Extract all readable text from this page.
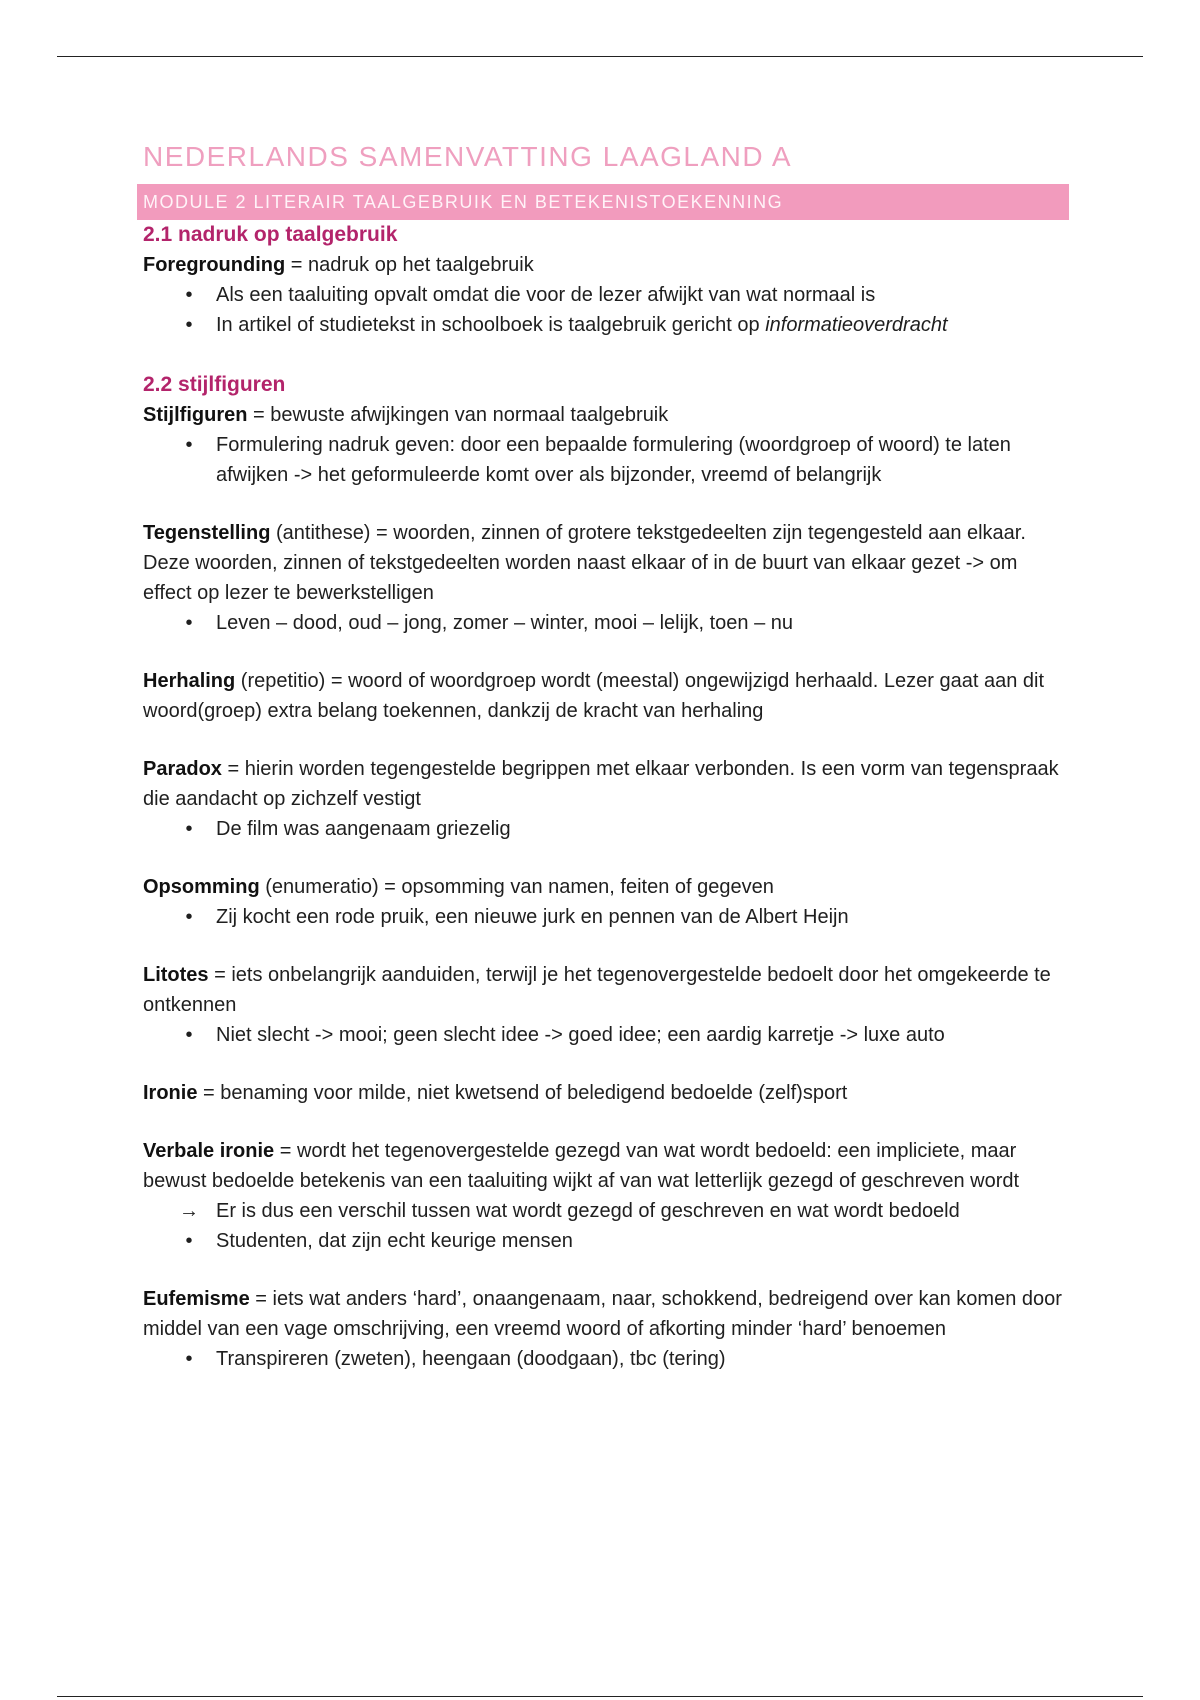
NEDERLANDS SAMENVATTING LAAGLAND A
MODULE 2 LITERAIR TAALGEBRUIK EN BETEKENISTOEKENNING
2.1 nadruk op taalgebruik

Foregrounding = nadruk op het taalgebruik

•	Als een taaluiting opvalt omdat die voor de lezer afwijkt van wat normaal is
•	In artikel of studietekst in schoolboek is taalgebruik gericht op informatieoverdracht
2.2 stijlfiguren

Stijlfiguren = bewuste afwijkingen van normaal taalgebruik

•	Formulering nadruk geven: door een bepaalde formulering (woordgroep of woord) te laten afwijken -> het geformuleerde komt over als bijzonder, vreemd of belangrijk

Tegenstelling (antithese) = woorden, zinnen of grotere tekstgedeelten zijn tegengesteld aan elkaar. Deze woorden, zinnen of tekstgedeelten worden naast elkaar of in de buurt van elkaar gezet -> om effect op lezer te bewerkstelligen

•	Leven – dood, oud – jong, zomer – winter, mooi – lelijk, toen – nu

Herhaling (repetitio) = woord of woordgroep wordt (meestal) ongewijzigd herhaald. Lezer gaat aan dit woord(groep) extra belang toekennen, dankzij de kracht van herhaling

Paradox = hierin worden tegengestelde begrippen met elkaar verbonden. Is een vorm van tegenspraak die aandacht op zichzelf vestigt

•	De film was aangenaam griezelig

Opsomming (enumeratio) = opsomming van namen, feiten of gegeven

•	Zij kocht een rode pruik, een nieuwe jurk en pennen van de Albert Heijn

Litotes = iets onbelangrijk aanduiden, terwijl je het tegenovergestelde bedoelt door het omgekeerde te ontkennen

•	Niet slecht -> mooi; geen slecht idee -> goed idee; een aardig karretje -> luxe auto

Ironie = benaming voor milde, niet kwetsend of beledigend bedoelde (zelf)sport

Verbale ironie = wordt het tegenovergestelde gezegd van wat wordt bedoeld: een impliciete, maar bewust bedoelde betekenis van een taaluiting wijkt af van wat letterlijk gezegd of geschreven wordt

→ Er is dus een verschil tussen wat wordt gezegd of geschreven en wat wordt bedoeld
•	Studenten, dat zijn echt keurige mensen

Eufemisme = iets wat anders ‘hard’, onaangenaam, naar, schokkend, bedreigend over kan komen door middel van een vage omschrijving, een vreemd woord of afkorting minder ‘hard’ benoemen

•	Transpireren (zweten), heengaan (doodgaan), tbc (tering)
